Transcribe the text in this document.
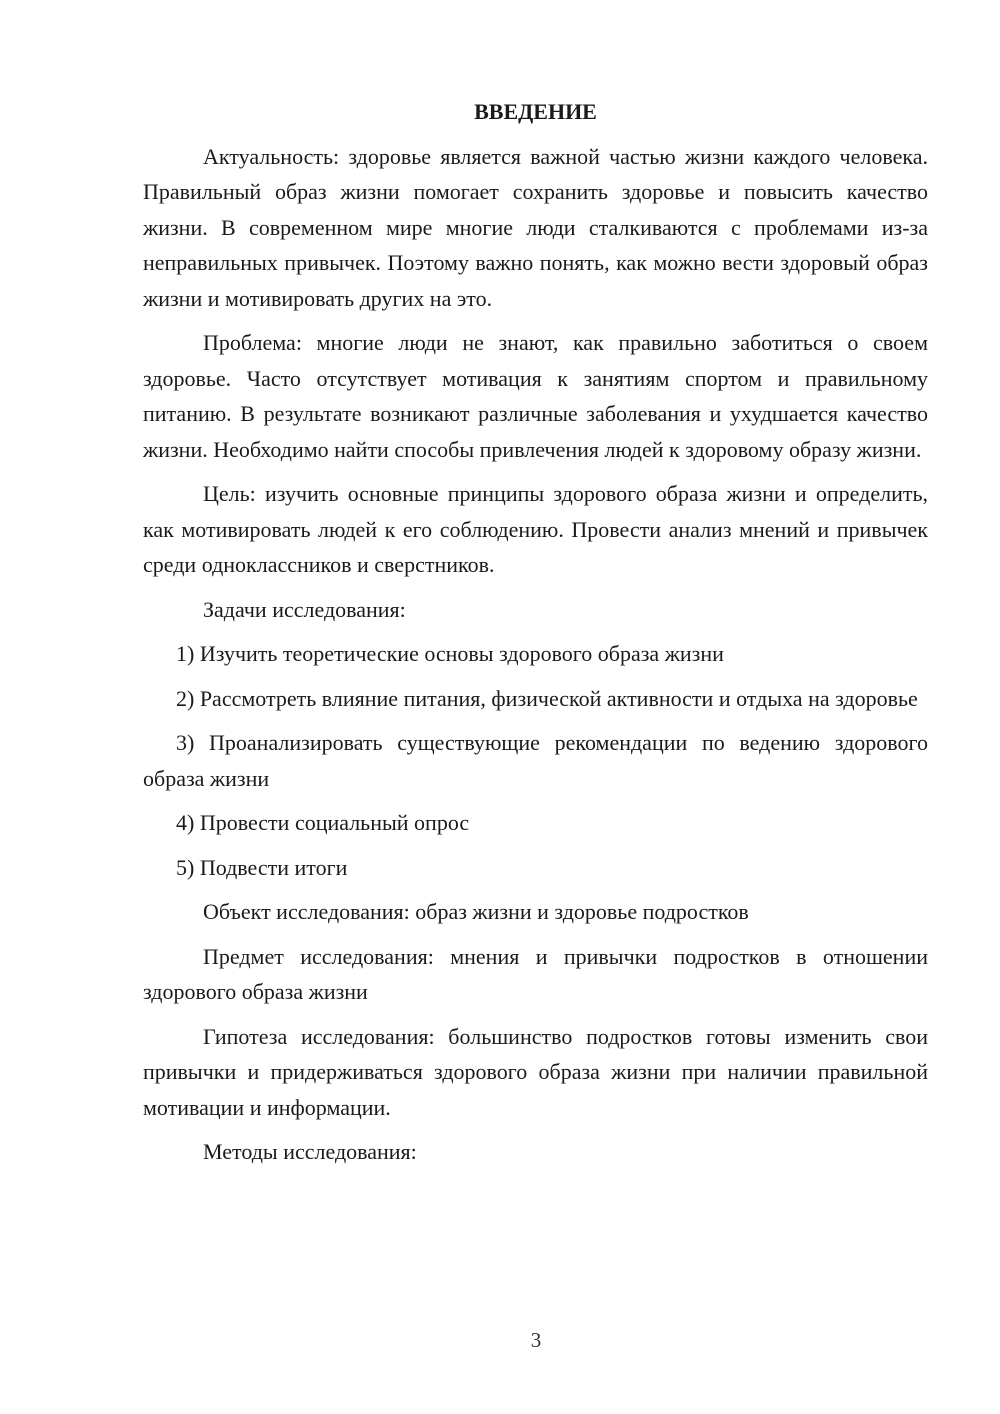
ВВЕДЕНИЕ

Актуальность: здоровье является важной частью жизни каждого человека. Правильный образ жизни помогает сохранить здоровье и повысить качество жизни. В современном мире многие люди сталкиваются с проблемами из-за неправильных привычек. Поэтому важно понять, как можно вести здоровый образ жизни и мотивировать других на это.

Проблема: многие люди не знают, как правильно заботиться о своем здоровье. Часто отсутствует мотивация к занятиям спортом и правильному питанию. В результате возникают различные заболевания и ухудшается качество жизни. Необходимо найти способы привлечения людей к здоровому образу жизни.

Цель: изучить основные принципы здорового образа жизни и определить, как мотивировать людей к его соблюдению. Провести анализ мнений и привычек среди одноклассников и сверстников.

Задачи исследования:

1) Изучить теоретические основы здорового образа жизни

2) Рассмотреть влияние питания, физической активности и отдыха на здоровье

3) Проанализировать существующие рекомендации по ведению здорового образа жизни

4) Провести социальный опрос

5) Подвести итоги

Объект исследования: образ жизни и здоровье подростков

Предмет исследования: мнения и привычки подростков в отношении здорового образа жизни

Гипотеза исследования: большинство подростков готовы изменить свои привычки и придерживаться здорового образа жизни при наличии правильной мотивации и информации.

Методы исследования:

3
